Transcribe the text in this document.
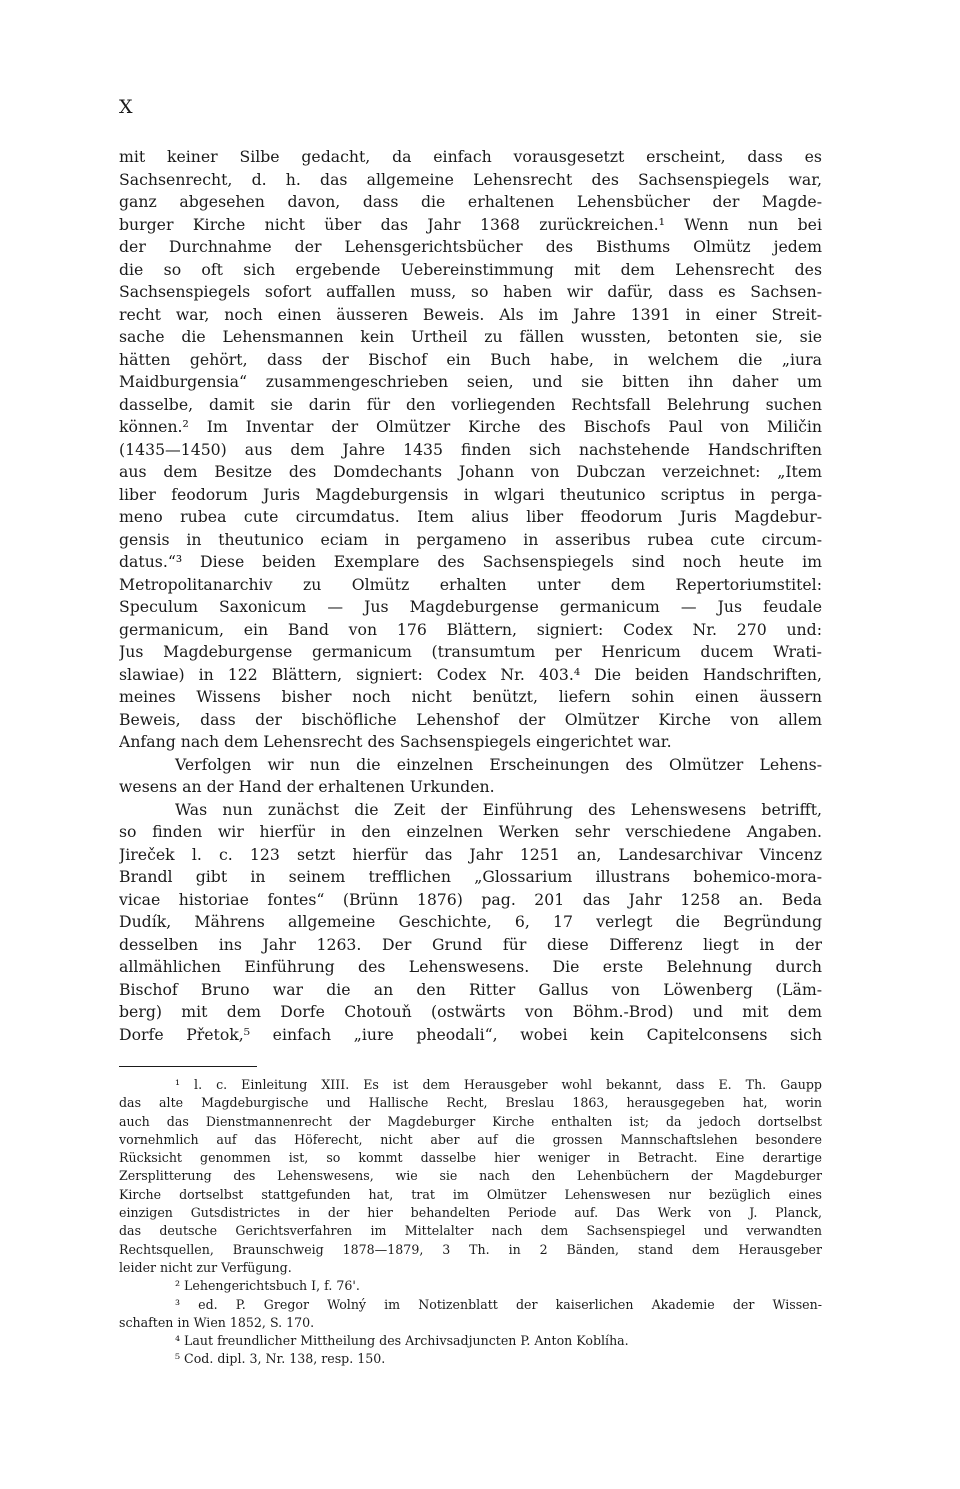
X
mit keiner Silbe gedacht, da einfach vorausgesetzt erscheint, dass es
Sachsenrecht, d. h. das allgemeine Lehensrecht des Sachsenspiegels war,
ganz abgesehen davon, dass die erhaltenen Lehensbücher der Magde-
burger Kirche nicht über das Jahr 1368 zurückreichen.¹ Wenn nun bei
der Durchnahme der Lehensgerichtsbücher des Bisthums Olmütz jedem
die so oft sich ergebende Uebereinstimmung mit dem Lehensrecht des
Sachsenspiegels sofort auffallen muss, so haben wir dafür, dass es Sachsen-
recht war, noch einen äusseren Beweis. Als im Jahre 1391 in einer Streit-
sache die Lehensmannen kein Urtheil zu fällen wussten, betonten sie, sie
hätten gehört, dass der Bischof ein Buch habe, in welchem die „iura
Maidburgensia“ zusammengeschrieben seien, und sie bitten ihn daher um
dasselbe, damit sie darin für den vorliegenden Rechtsfall Belehrung suchen
können.² Im Inventar der Olmützer Kirche des Bischofs Paul von Miličin
(1435—1450) aus dem Jahre 1435 finden sich nachstehende Handschriften
aus dem Besitze des Domdechants Johann von Dubczan verzeichnet: „Item
liber feodorum Juris Magdeburgensis in wlgari theutunico scriptus in perga-
meno rubea cute circumdatus. Item alius liber ffeodorum Juris Magdebur-
gensis in theutunico eciam in pergameno in asseribus rubea cute circum-
datus.“³ Diese beiden Exemplare des Sachsenspiegels sind noch heute im
Metropolitanarchiv zu Olmütz erhalten unter dem Repertoriumstitel:
Speculum Saxonicum — Jus Magdeburgense germanicum — Jus feudale
germanicum, ein Band von 176 Blättern, signiert: Codex Nr. 270 und:
Jus Magdeburgense germanicum (transumtum per Henricum ducem Wrati-
slawiae) in 122 Blättern, signiert: Codex Nr. 403.⁴ Die beiden Handschriften,
meines Wissens bisher noch nicht benützt, liefern sohin einen äussern
Beweis, dass der bischöfliche Lehenshof der Olmützer Kirche von allem
Anfang nach dem Lehensrecht des Sachsenspiegels eingerichtet war.
Verfolgen wir nun die einzelnen Erscheinungen des Olmützer Lehens-
wesens an der Hand der erhaltenen Urkunden.
Was nun zunächst die Zeit der Einführung des Lehenswesens betrifft,
so finden wir hierfür in den einzelnen Werken sehr verschiedene Angaben.
Jireček l. c. 123 setzt hierfür das Jahr 1251 an, Landesarchivar Vincenz
Brandl gibt in seinem trefflichen „Glossarium illustrans bohemico-mora-
vicae historiae fontes“ (Brünn 1876) pag. 201 das Jahr 1258 an. Beda
Dudík, Mährens allgemeine Geschichte, 6, 17 verlegt die Begründung
desselben ins Jahr 1263. Der Grund für diese Differenz liegt in der
allmählichen Einführung des Lehenswesens. Die erste Belehnung durch
Bischof Bruno war die an den Ritter Gallus von Löwenberg (Läm-
berg) mit dem Dorfe Chotouň (ostwärts von Böhm.-Brod) und mit dem
Dorfe Přetok,⁵ einfach „iure pheodali“, wobei kein Capitelconsens sich
¹ l. c. Einleitung XIII. Es ist dem Herausgeber wohl bekannt, dass E. Th. Gaupp
das alte Magdeburgische und Hallische Recht, Breslau 1863, herausgegeben hat, worin
auch das Dienstmannenrecht der Magdeburger Kirche enthalten ist; da jedoch dortselbst
vornehmlich auf das Höferecht, nicht aber auf die grossen Mannschaftslehen besondere
Rücksicht genommen ist, so kommt dasselbe hier weniger in Betracht. Eine derartige
Zersplitterung des Lehenswesens, wie sie nach den Lehenbüchern der Magdeburger
Kirche dortselbst stattgefunden hat, trat im Olmützer Lehenswesen nur bezüglich eines
einzigen Gutsdistrictes in der hier behandelten Periode auf. Das Werk von J. Planck,
das deutsche Gerichtsverfahren im Mittelalter nach dem Sachsenspiegel und verwandten
Rechtsquellen, Braunschweig 1878—1879, 3 Th. in 2 Bänden, stand dem Herausgeber
leider nicht zur Verfügung.
² Lehengerichtsbuch I, f. 76'.
³ ed. P. Gregor Wolný im Notizenblatt der kaiserlichen Akademie der Wissen-
schaften in Wien 1852, S. 170.
⁴ Laut freundlicher Mittheilung des Archivsadjuncten P. Anton Koblíha.
⁵ Cod. dipl. 3, Nr. 138, resp. 150.
